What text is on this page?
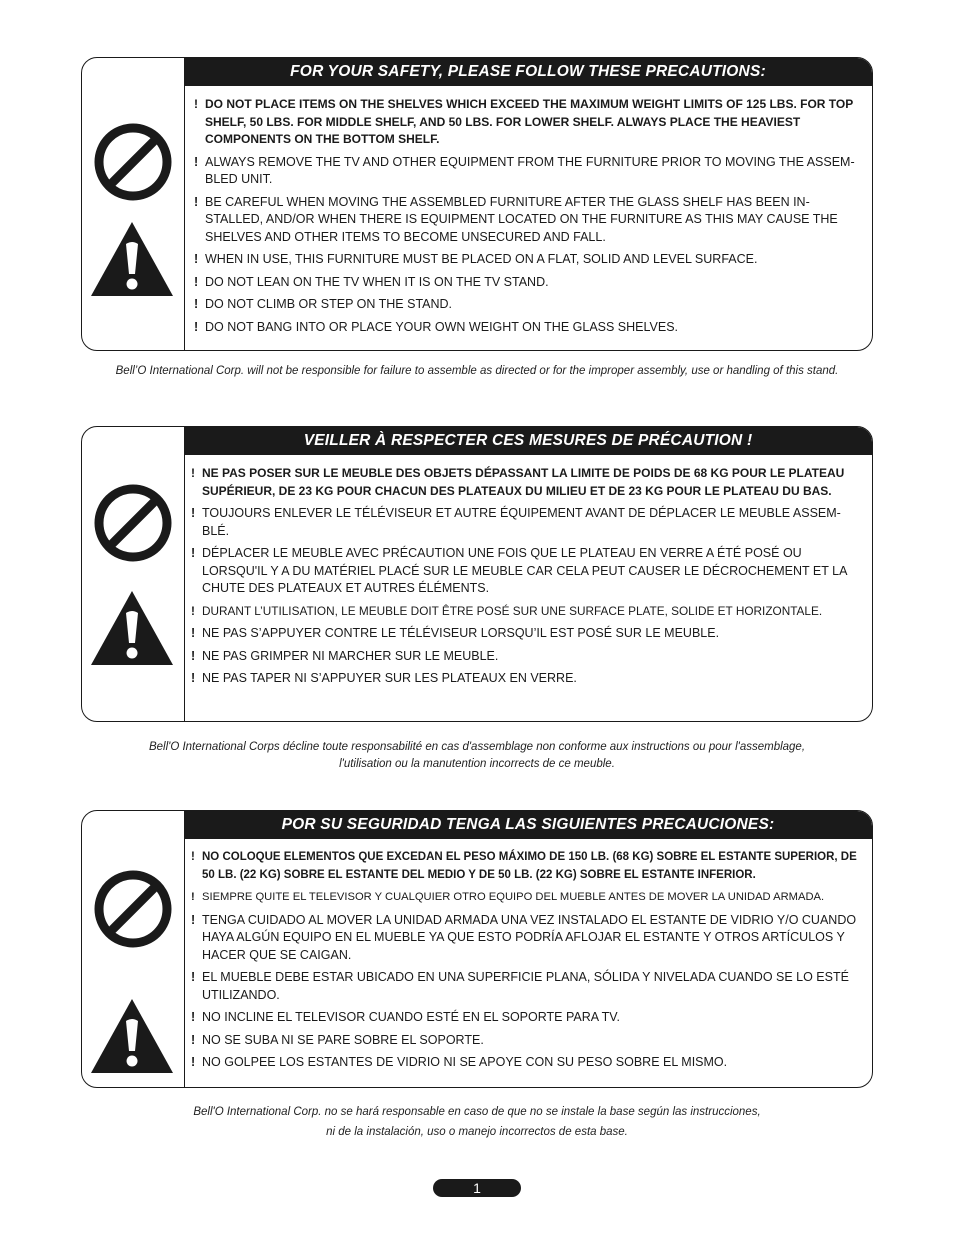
FOR YOUR SAFETY, PLEASE FOLLOW THESE PRECAUTIONS:
! DO NOT PLACE ITEMS ON THE SHELVES WHICH EXCEED THE MAXIMUM WEIGHT LIMITS OF 125 LBS. FOR TOP SHELF, 50 LBS. FOR MIDDLE SHELF, AND 50 LBS. FOR LOWER SHELF. ALWAYS PLACE THE HEAVIEST COMPONENTS ON THE BOTTOM SHELF.
! ALWAYS REMOVE THE TV AND OTHER EQUIPMENT FROM THE FURNITURE PRIOR TO MOVING THE ASSEM-BLED UNIT.
! BE CAREFUL WHEN MOVING THE ASSEMBLED FURNITURE AFTER THE GLASS SHELF HAS BEEN IN-STALLED, AND/OR WHEN THERE IS EQUIPMENT LOCATED ON THE FURNITURE AS THIS MAY CAUSE THE SHELVES AND OTHER ITEMS TO BECOME UNSECURED AND FALL.
! WHEN IN USE, THIS FURNITURE MUST BE PLACED ON A FLAT, SOLID AND LEVEL SURFACE.
! DO NOT LEAN ON THE TV WHEN IT IS ON THE TV STAND.
! DO NOT CLIMB OR STEP ON THE STAND.
! DO NOT BANG INTO OR PLACE YOUR OWN WEIGHT ON THE GLASS SHELVES.
Bell’O International Corp. will not be responsible for failure to assemble as directed or for the improper assembly, use or handling of this stand.
VEILLER À RESPECTER CES MESURES DE PRÉCAUTION !
! NE PAS POSER SUR LE MEUBLE DES OBJETS DÉPASSANT LA LIMITE DE POIDS DE 68 KG POUR LE PLATEAU SUPÉRIEUR, DE 23 KG POUR CHACUN DES PLATEAUX DU MILIEU ET DE 23 KG POUR LE PLATEAU DU BAS.
! TOUJOURS ENLEVER LE TÉLÉVISEUR ET AUTRE ÉQUIPEMENT AVANT DE DÉPLACER LE MEUBLE ASSEM-BLÉ.
! DÉPLACER LE MEUBLE AVEC PRÉCAUTION UNE FOIS QUE LE PLATEAU EN VERRE A ÉTÉ POSÉ OU LORSQU'IL Y A DU MATÉRIEL PLACÉ SUR LE MEUBLE CAR CELA PEUT CAUSER LE DÉCROCHEMENT ET LA CHUTE DES PLATEAUX ET AUTRES ÉLÉMENTS.
! DURANT L’UTILISATION, LE MEUBLE DOIT ÊTRE POSÉ SUR UNE SURFACE PLATE, SOLIDE ET HORIZONTALE.
! NE PAS S’APPUYER CONTRE LE TÉLÉVISEUR LORSQU’IL EST POSÉ SUR LE MEUBLE.
! NE PAS GRIMPER NI MARCHER SUR LE MEUBLE.
! NE PAS TAPER NI S’APPUYER SUR LES PLATEAUX EN VERRE.
Bell'O International Corps décline toute responsabilité en cas d'assemblage non conforme aux instructions ou pour l'assemblage,
l'utilisation ou la manutention incorrects de ce meuble.
POR SU SEGURIDAD TENGA LAS SIGUIENTES PRECAUCIONES:
! NO COLOQUE ELEMENTOS QUE EXCEDAN EL PESO MÁXIMO DE 150 LB. (68 KG) SOBRE EL ESTANTE SUPERIOR, DE 50 LB. (22 KG) SOBRE EL ESTANTE DEL MEDIO Y DE 50 LB. (22 KG) SOBRE EL ESTANTE INFERIOR.
! SIEMPRE QUITE EL TELEVISOR Y CUALQUIER OTRO EQUIPO DEL MUEBLE ANTES DE MOVER LA UNIDAD ARMADA.
! TENGA CUIDADO AL MOVER LA UNIDAD ARMADA UNA VEZ INSTALADO EL ESTANTE DE VIDRIO Y/O CUANDO HAYA ALGÚN EQUIPO EN EL MUEBLE YA QUE ESTO PODRÍA AFLOJAR EL ESTANTE Y OTROS ARTÍCULOS Y HACER QUE SE CAIGAN.
! EL MUEBLE DEBE ESTAR UBICADO EN UNA SUPERFICIE PLANA, SÓLIDA Y NIVELADA CUANDO SE LO ESTÉ UTILIZANDO.
! NO INCLINE EL TELEVISOR CUANDO ESTÉ EN EL SOPORTE PARA TV.
! NO SE SUBA NI SE PARE SOBRE EL SOPORTE.
! NO GOLPEE LOS ESTANTES DE VIDRIO NI SE APOYE CON SU PESO SOBRE EL MISMO.
Bell'O International Corp. no se hará responsable en caso de que no se instale la base según las instrucciones,
ni de la instalación, uso o manejo incorrectos de esta base.
1
